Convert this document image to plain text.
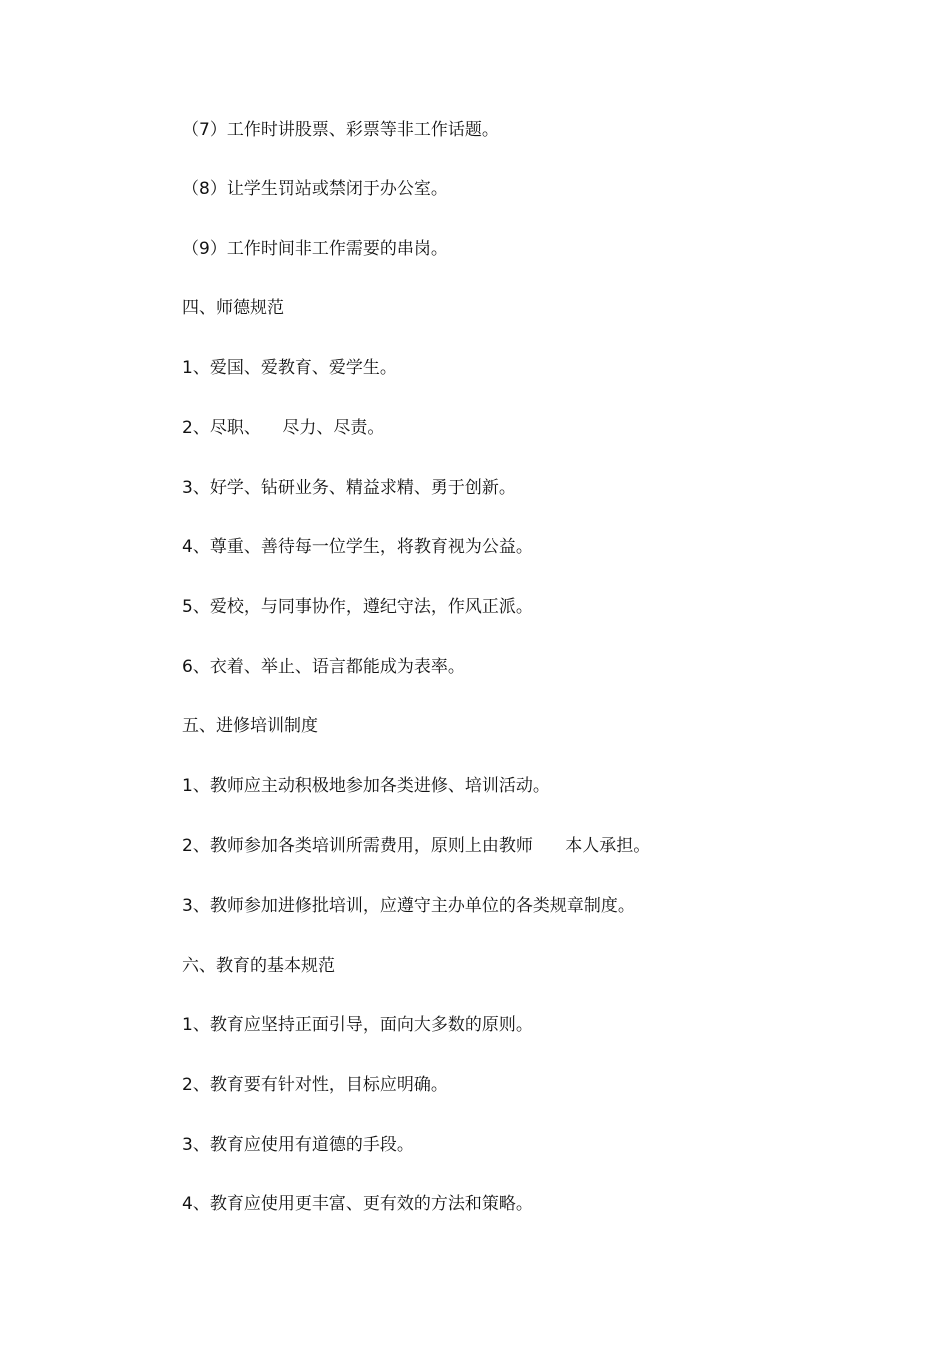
（7）工作时讲股票、彩票等非工作话题。
（8）让学生罚站或禁闭于办公室。
（9）工作时间非工作需要的串岗。
四、师德规范
1、爱国、爱教育、爱学生。
2、尽职、    尽力、尽责。
3、好学、钻研业务、精益求精、勇于创新。
4、尊重、善待每一位学生，将教育视为公益。
5、爱校，与同事协作，遵纪守法，作风正派。
6、衣着、举止、语言都能成为表率。
五、进修培训制度
1、教师应主动积极地参加各类进修、培训活动。
2、教师参加各类培训所需费用，原则上由教师      本人承担。
3、教师参加进修批培训，应遵守主办单位的各类规章制度。
六、教育的基本规范
1、教育应坚持正面引导，面向大多数的原则。
2、教育要有针对性，目标应明确。
3、教育应使用有道德的手段。
4、教育应使用更丰富、更有效的方法和策略。
